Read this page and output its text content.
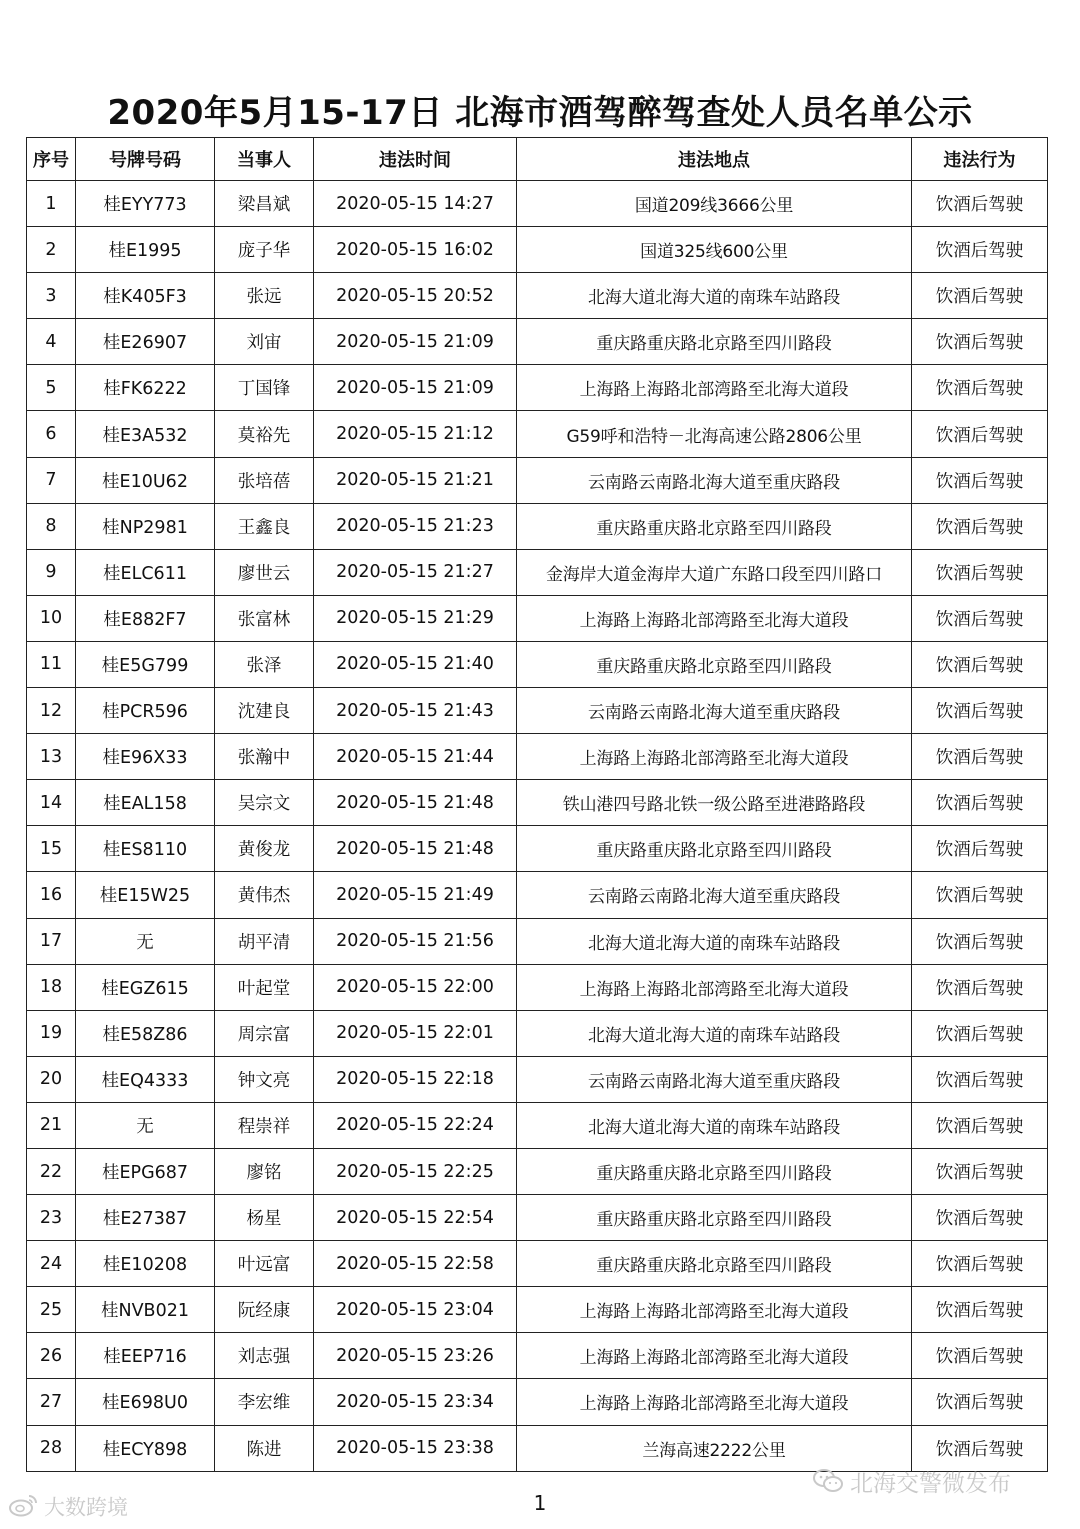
2020年5月15-17日 北海市酒驾醉驾查处人员名单公示
序号	号牌号码	当事人	违法时间	违法地点	违法行为
1	桂EYY773	梁昌斌	2020-05-15 14:27	国道209线3666公里	饮酒后驾驶
2	桂E1995	庞子华	2020-05-15 16:02	国道325线600公里	饮酒后驾驶
3	桂K405F3	张远	2020-05-15 20:52	北海大道北海大道的南珠车站路段	饮酒后驾驶
4	桂E26907	刘宙	2020-05-15 21:09	重庆路重庆路北京路至四川路段	饮酒后驾驶
5	桂FK6222	丁国锋	2020-05-15 21:09	上海路上海路北部湾路至北海大道段	饮酒后驾驶
6	桂E3A532	莫裕先	2020-05-15 21:12	G59呼和浩特－北海高速公路2806公里	饮酒后驾驶
7	桂E10U62	张培蓓	2020-05-15 21:21	云南路云南路北海大道至重庆路段	饮酒后驾驶
8	桂NP2981	王鑫良	2020-05-15 21:23	重庆路重庆路北京路至四川路段	饮酒后驾驶
9	桂ELC611	廖世云	2020-05-15 21:27	金海岸大道金海岸大道广东路口段至四川路口	饮酒后驾驶
10	桂E882F7	张富林	2020-05-15 21:29	上海路上海路北部湾路至北海大道段	饮酒后驾驶
11	桂E5G799	张泽	2020-05-15 21:40	重庆路重庆路北京路至四川路段	饮酒后驾驶
12	桂PCR596	沈建良	2020-05-15 21:43	云南路云南路北海大道至重庆路段	饮酒后驾驶
13	桂E96X33	张瀚中	2020-05-15 21:44	上海路上海路北部湾路至北海大道段	饮酒后驾驶
14	桂EAL158	吴宗文	2020-05-15 21:48	铁山港四号路北铁一级公路至进港路路段	饮酒后驾驶
15	桂ES8110	黄俊龙	2020-05-15 21:48	重庆路重庆路北京路至四川路段	饮酒后驾驶
16	桂E15W25	黄伟杰	2020-05-15 21:49	云南路云南路北海大道至重庆路段	饮酒后驾驶
17	无	胡平清	2020-05-15 21:56	北海大道北海大道的南珠车站路段	饮酒后驾驶
18	桂EGZ615	叶起堂	2020-05-15 22:00	上海路上海路北部湾路至北海大道段	饮酒后驾驶
19	桂E58Z86	周宗富	2020-05-15 22:01	北海大道北海大道的南珠车站路段	饮酒后驾驶
20	桂EQ4333	钟文亮	2020-05-15 22:18	云南路云南路北海大道至重庆路段	饮酒后驾驶
21	无	程崇祥	2020-05-15 22:24	北海大道北海大道的南珠车站路段	饮酒后驾驶
22	桂EPG687	廖铭	2020-05-15 22:25	重庆路重庆路北京路至四川路段	饮酒后驾驶
23	桂E27387	杨星	2020-05-15 22:54	重庆路重庆路北京路至四川路段	饮酒后驾驶
24	桂E10208	叶远富	2020-05-15 22:58	重庆路重庆路北京路至四川路段	饮酒后驾驶
25	桂NVB021	阮经康	2020-05-15 23:04	上海路上海路北部湾路至北海大道段	饮酒后驾驶
26	桂EEP716	刘志强	2020-05-15 23:26	上海路上海路北部湾路至北海大道段	饮酒后驾驶
27	桂E698U0	李宏维	2020-05-15 23:34	上海路上海路北部湾路至北海大道段	饮酒后驾驶
28	桂ECY898	陈进	2020-05-15 23:38	兰海高速2222公里	饮酒后驾驶
1
大数跨境
北海交警微发布
